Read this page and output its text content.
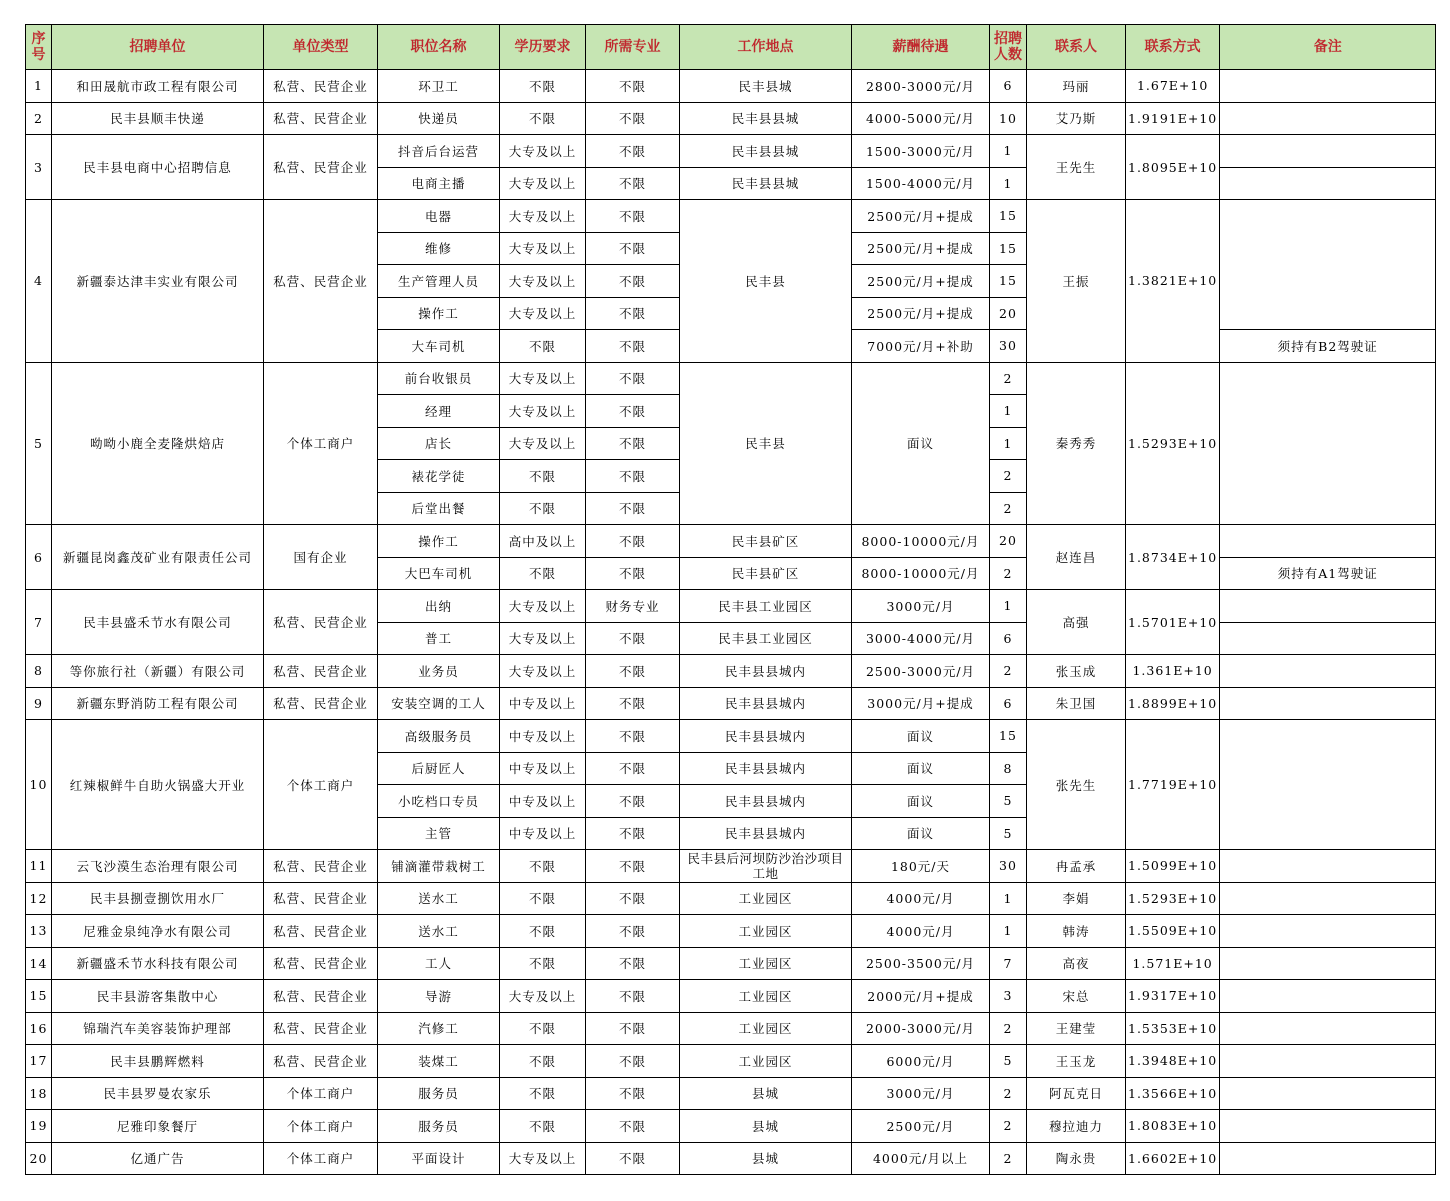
序号	招聘单位	单位类型	职位名称	学历要求	所需专业	工作地点	薪酬待遇	招聘人数	联系人	联系方式	备注
1	和田晟航市政工程有限公司	私营、民营企业	环卫工	不限	不限	民丰县城	2800-3000元/月	6	玛丽	1.67E+10	
2	民丰县顺丰快递	私营、民营企业	快递员	不限	不限	民丰县县城	4000-5000元/月	10	艾乃斯	1.9191E+10	
3	民丰县电商中心招聘信息	私营、民营企业	抖音后台运营	大专及以上	不限	民丰县县城	1500-3000元/月	1	王先生	1.8095E+10	
			电商主播	大专及以上	不限	民丰县县城	1500-4000元/月	1			
4	新疆泰达津丰实业有限公司	私营、民营企业	电器	大专及以上	不限	民丰县	2500元/月+提成	15	王振	1.3821E+10	
			维修	大专及以上	不限		2500元/月+提成	15			
			生产管理人员	大专及以上	不限		2500元/月+提成	15			
			操作工	大专及以上	不限		2500元/月+提成	20			
			大车司机	不限	不限		7000元/月+补助	30			须持有B2驾驶证
5	呦呦小鹿全麦隆烘焙店	个体工商户	前台收银员	大专及以上	不限	民丰县	面议	2	秦秀秀	1.5293E+10	
			经理	大专及以上	不限			1			
			店长	大专及以上	不限			1			
			裱花学徒	不限	不限			2			
			后堂出餐	不限	不限			2			
6	新疆昆岗鑫茂矿业有限责任公司	国有企业	操作工	高中及以上	不限	民丰县矿区	8000-10000元/月	20	赵连昌	1.8734E+10	
			大巴车司机	不限	不限	民丰县矿区	8000-10000元/月	2			须持有A1驾驶证
7	民丰县盛禾节水有限公司	私营、民营企业	出纳	大专及以上	财务专业	民丰县工业园区	3000元/月	1	高强	1.5701E+10	
			普工	大专及以上	不限	民丰县工业园区	3000-4000元/月	6			
8	等你旅行社（新疆）有限公司	私营、民营企业	业务员	大专及以上	不限	民丰县县城内	2500-3000元/月	2	张玉成	1.361E+10	
9	新疆东野消防工程有限公司	私营、民营企业	安装空调的工人	中专及以上	不限	民丰县县城内	3000元/月+提成	6	朱卫国	1.8899E+10	
10	红辣椒鲜牛自助火锅盛大开业	个体工商户	高级服务员	中专及以上	不限	民丰县县城内	面议	15	张先生	1.7719E+10	
			后厨匠人	中专及以上	不限	民丰县县城内	面议	8			
			小吃档口专员	中专及以上	不限	民丰县县城内	面议	5			
			主管	中专及以上	不限	民丰县县城内	面议	5			
11	云飞沙漠生态治理有限公司	私营、民营企业	铺滴灌带栽树工	不限	不限	民丰县后河坝防沙治沙项目工地	180元/天	30	冉孟承	1.5099E+10	
12	民丰县捌壹捌饮用水厂	私营、民营企业	送水工	不限	不限	工业园区	4000元/月	1	李娟	1.5293E+10	
13	尼雅金泉纯净水有限公司	私营、民营企业	送水工	不限	不限	工业园区	4000元/月	1	韩涛	1.5509E+10	
14	新疆盛禾节水科技有限公司	私营、民营企业	工人	不限	不限	工业园区	2500-3500元/月	7	高夜	1.571E+10	
15	民丰县游客集散中心	私营、民营企业	导游	大专及以上	不限	工业园区	2000元/月+提成	3	宋总	1.9317E+10	
16	锦瑞汽车美容装饰护理部	私营、民营企业	汽修工	不限	不限	工业园区	2000-3000元/月	2	王建莹	1.5353E+10	
17	民丰县鹏辉燃料	私营、民营企业	装煤工	不限	不限	工业园区	6000元/月	5	王玉龙	1.3948E+10	
18	民丰县罗曼农家乐	个体工商户	服务员	不限	不限	县城	3000元/月	2	阿瓦克日	1.3566E+10	
19	尼雅印象餐厅	个体工商户	服务员	不限	不限	县城	2500元/月	2	穆拉迪力	1.8083E+10	
20	亿通广告	个体工商户	平面设计	大专及以上	不限	县城	4000元/月以上	2	陶永贵	1.6602E+10	
